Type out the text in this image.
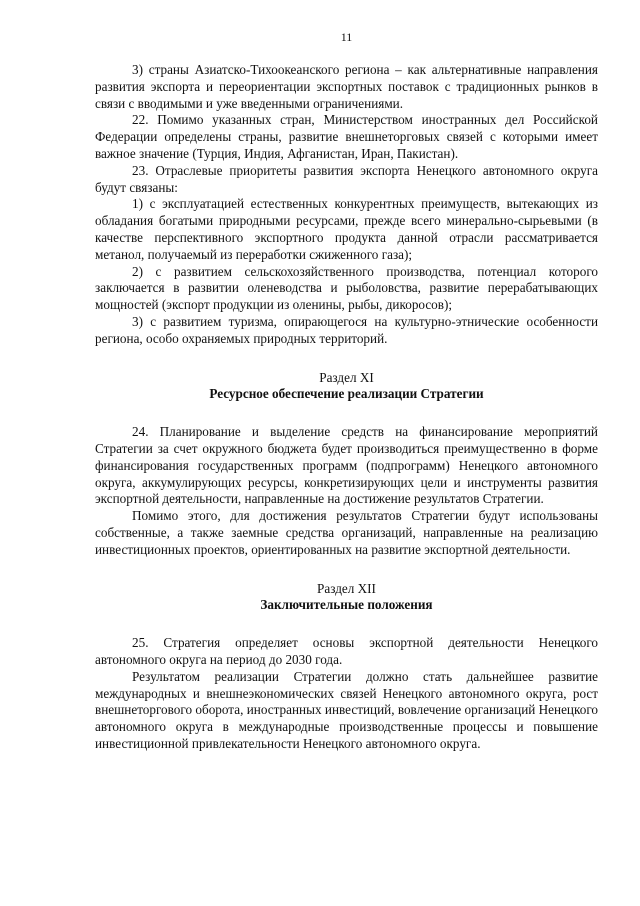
11

3) страны Азиатско-Тихоокеанского региона – как альтернативные направления развития экспорта и переориентации экспортных поставок с традиционных рынков в связи с вводимыми и уже введенными ограничениями.

22. Помимо указанных стран, Министерством иностранных дел Российской Федерации определены страны, развитие внешнеторговых связей с которыми имеет важное значение (Турция, Индия, Афганистан, Иран, Пакистан).

23. Отраслевые приоритеты развития экспорта Ненецкого автономного округа будут связаны:

1) с эксплуатацией естественных конкурентных преимуществ, вытекающих из обладания богатыми природными ресурсами, прежде всего минерально-сырьевыми (в качестве перспективного экспортного продукта данной отрасли рассматривается метанол, получаемый из переработки сжиженного газа);

2) с развитием сельскохозяйственного производства, потенциал которого заключается в развитии оленеводства и рыболовства, развитие перерабатывающих мощностей (экспорт продукции из оленины, рыбы, дикоросов);

3) с развитием туризма, опирающегося на культурно-этнические особенности региона, особо охраняемых природных территорий.

Раздел XI

Ресурсное обеспечение реализации Стратегии

24. Планирование и выделение средств на финансирование мероприятий Стратегии за счет окружного бюджета будет производиться преимущественно в форме финансирования государственных программ (подпрограмм) Ненецкого автономного округа, аккумулирующих ресурсы, конкретизирующих цели и инструменты развития экспортной деятельности, направленные на достижение результатов Стратегии.

Помимо этого, для достижения результатов Стратегии будут использованы собственные, а также заемные средства организаций, направленные на реализацию инвестиционных проектов, ориентированных на развитие экспортной деятельности.

Раздел XII

Заключительные положения

25. Стратегия определяет основы экспортной деятельности Ненецкого автономного округа на период до 2030 года.

Результатом реализации Стратегии должно стать дальнейшее развитие международных и внешнеэкономических связей Ненецкого автономного округа, рост внешнеторгового оборота, иностранных инвестиций, вовлечение организаций Ненецкого автономного округа в международные производственные процессы и повышение инвестиционной привлекательности Ненецкого автономного округа.
